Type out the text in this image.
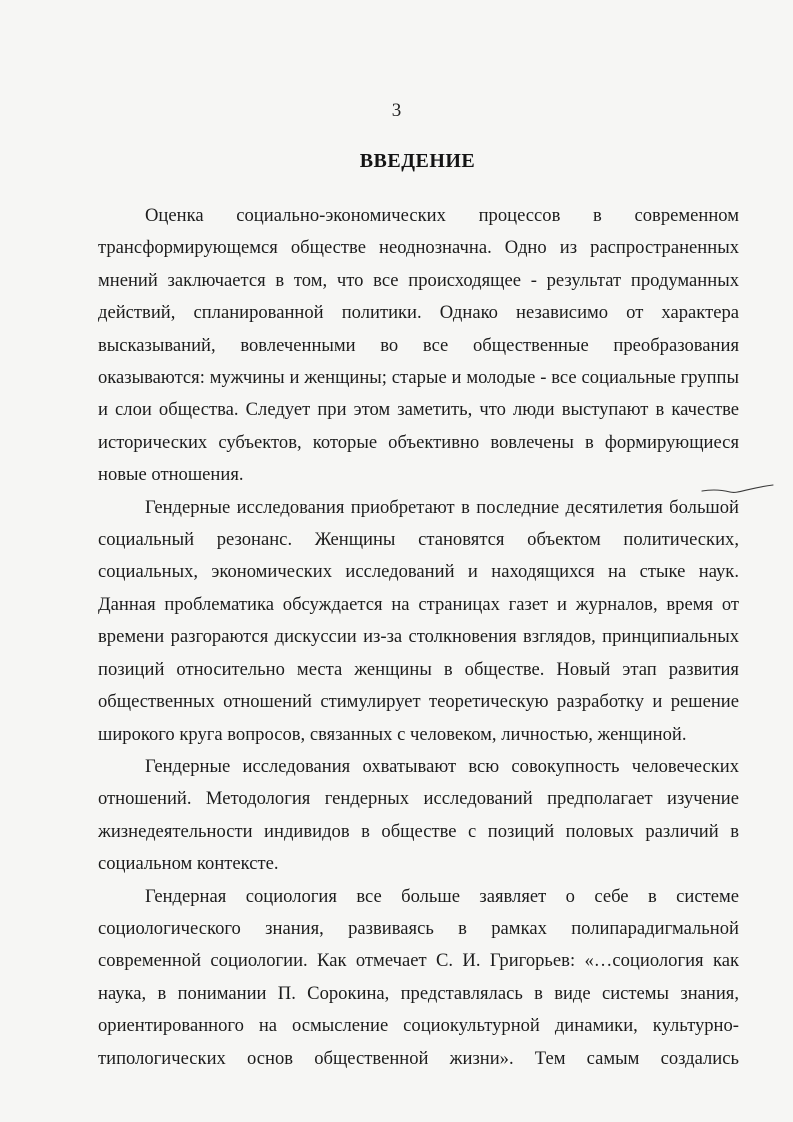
3
ВВЕДЕНИЕ

Оценка социально-экономических процессов в современном трансформирующемся обществе неоднозначна. Одно из распространенных мнений заключается в том, что все происходящее - результат продуманных действий, спланированной политики. Однако независимо от характера высказываний, вовлеченными во все общественные преобразования оказываются: мужчины и женщины; старые и молодые - все социальные группы и слои общества. Следует при этом заметить, что люди выступают в качестве исторических субъектов, которые объективно вовлечены в формирующиеся новые отношения.

Гендерные исследования приобретают в последние десятилетия большой социальный резонанс. Женщины становятся объектом политических, социальных, экономических исследований и находящихся на стыке наук. Данная проблематика обсуждается на страницах газет и журналов, время от времени разгораются дискуссии из-за столкновения взглядов, принципиальных позиций относительно места женщины в обществе. Новый этап развития общественных отношений стимулирует теоретическую разработку и решение широкого круга вопросов, связанных с человеком, личностью, женщиной.

Гендерные исследования охватывают всю совокупность человеческих отношений. Методология гендерных исследований предполагает изучение жизнедеятельности индивидов в обществе с позиций половых различий в социальном контексте.

Гендерная социология все больше заявляет о себе в системе социологического знания, развиваясь в рамках полипарадигмальной современной социологии. Как отмечает С. И. Григорьев: «…социология как наука, в понимании П. Сорокина, представлялась в виде системы знания, ориентированного на осмысление социокультурной динамики, культурно-типологических основ общественной жизни». Тем самым создались
